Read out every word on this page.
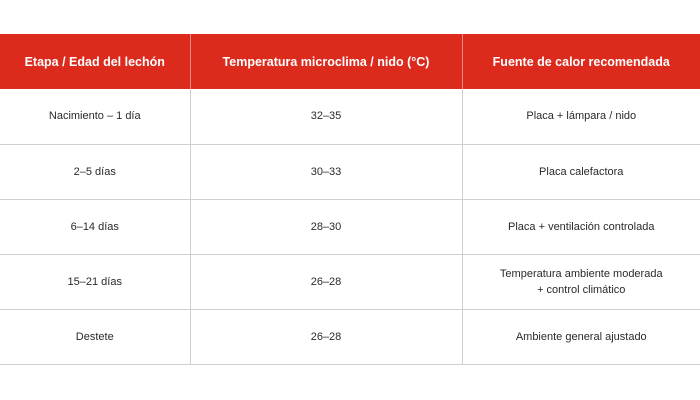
Etapa / Edad del lechón	Temperatura microclima / nido (°C)	Fuente de calor recomendada
Nacimiento – 1 día	32–35	Placa + lámpara / nido

2–5 días	30–33	Placa calefactora

6–14 días	28–30	Placa + ventilación controlada

15–21 días	26–28	Temperatura ambiente moderada
+ control climático

Destete	26–28	Ambiente general ajustado
